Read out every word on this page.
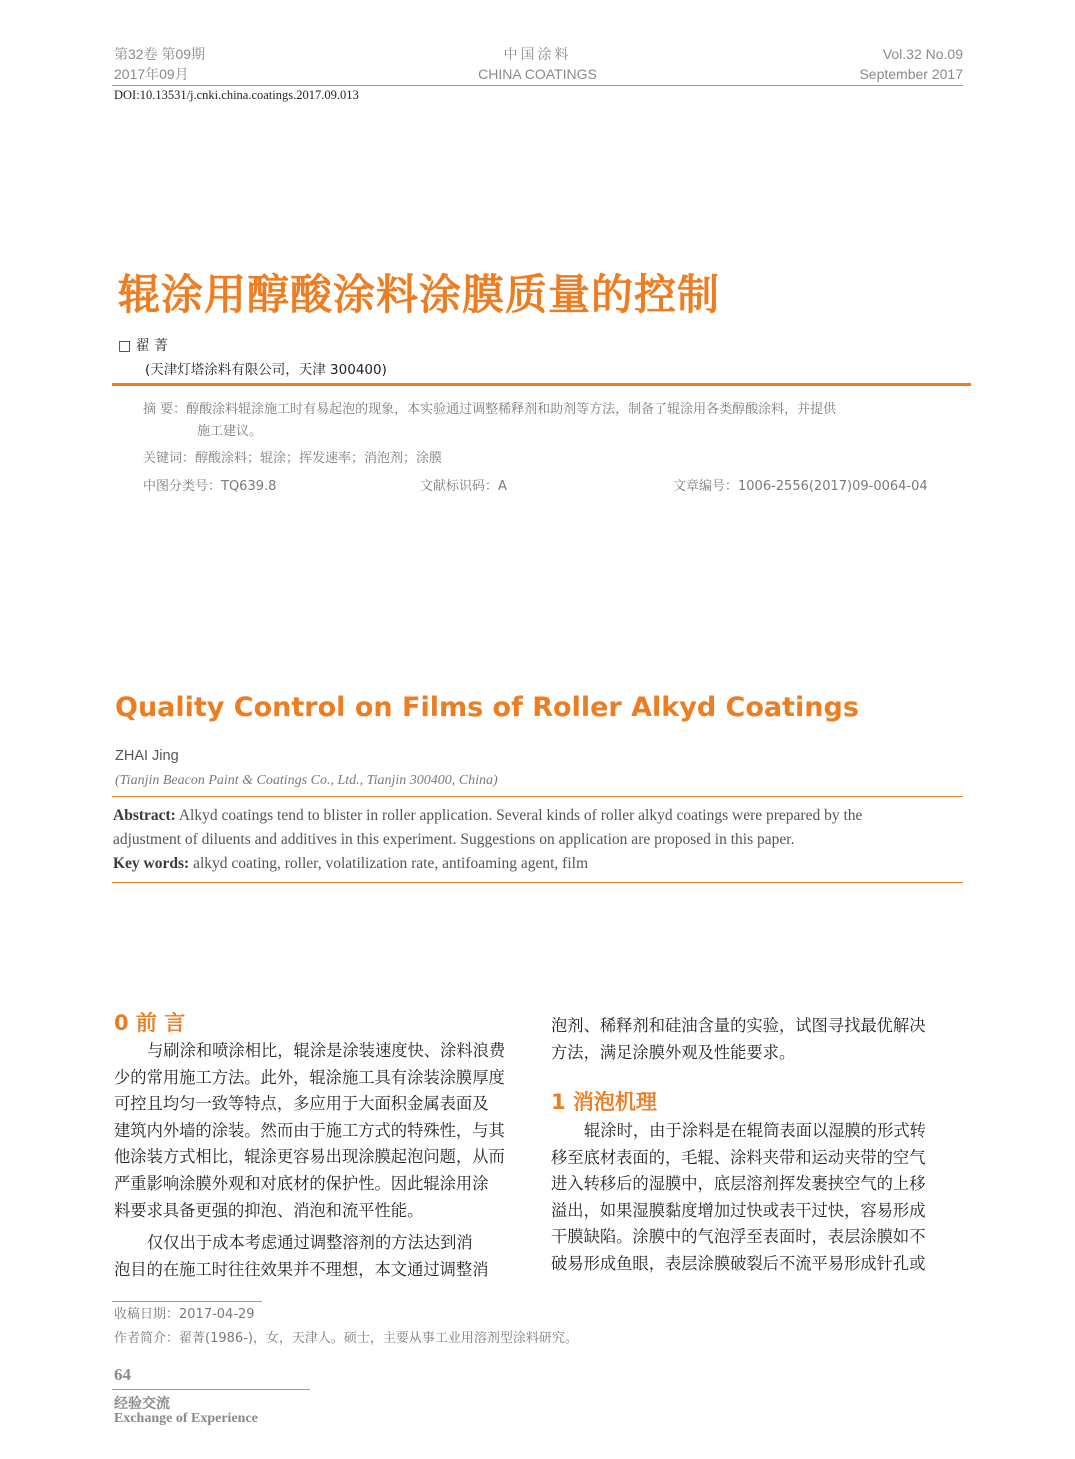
第32卷 第09期
2017年09月
中国涂料
CHINA COATINGS
Vol.32 No.09
September 2017
DOI:10.13531/j.cnki.china.coatings.2017.09.013
辊涂用醇酸涂料涂膜质量的控制
□ 翟 菁
(天津灯塔涂料有限公司，天津 300400)
摘 要：醇酸涂料辊涂施工时有易起泡的现象，本实验通过调整稀释剂和助剂等方法，制备了辊涂用各类醇酸涂料，并提供
施工建议。
关键词：醇酸涂料；辊涂；挥发速率；消泡剂；涂膜
中图分类号：TQ639.8	文献标识码：A	文章编号：1006-2556(2017)09-0064-04
Quality Control on Films of Roller Alkyd Coatings
ZHAI Jing
(Tianjin Beacon Paint & Coatings Co., Ltd., Tianjin 300400, China)
Abstract: Alkyd coatings tend to blister in roller application. Several kinds of roller alkyd coatings were prepared by the
adjustment of diluents and additives in this experiment. Suggestions on application are proposed in this paper.
Key words: alkyd coating, roller, volatilization rate, antifoaming agent, film
0 前 言

与刷涂和喷涂相比，辊涂是涂装速度快、涂料浪费

少的常用施工方法。此外，辊涂施工具有涂装涂膜厚度

可控且均匀一致等特点，多应用于大面积金属表面及

建筑内外墙的涂装。然而由于施工方式的特殊性，与其

他涂装方式相比，辊涂更容易出现涂膜起泡问题，从而

严重影响涂膜外观和对底材的保护性。因此辊涂用涂

料要求具备更强的抑泡、消泡和流平性能。

仅仅出于成本考虑通过调整溶剂的方法达到消

泡目的在施工时往往效果并不理想，本文通过调整消

泡剂、稀释剂和硅油含量的实验，试图寻找最优解决

方法，满足涂膜外观及性能要求。

1 消泡机理

辊涂时，由于涂料是在辊筒表面以湿膜的形式转

移至底材表面的，毛辊、涂料夹带和运动夹带的空气

进入转移后的湿膜中，底层溶剂挥发裹挟空气的上移

溢出，如果湿膜黏度增加过快或表干过快，容易形成

干膜缺陷。涂膜中的气泡浮至表面时，表层涂膜如不

破易形成鱼眼，表层涂膜破裂后不流平易形成针孔或

收稿日期：2017-04-29
作者简介：翟菁(1986-)，女，天津人。硕士，主要从事工业用溶剂型涂料研究。
64
经验交流
Exchange of Experience
